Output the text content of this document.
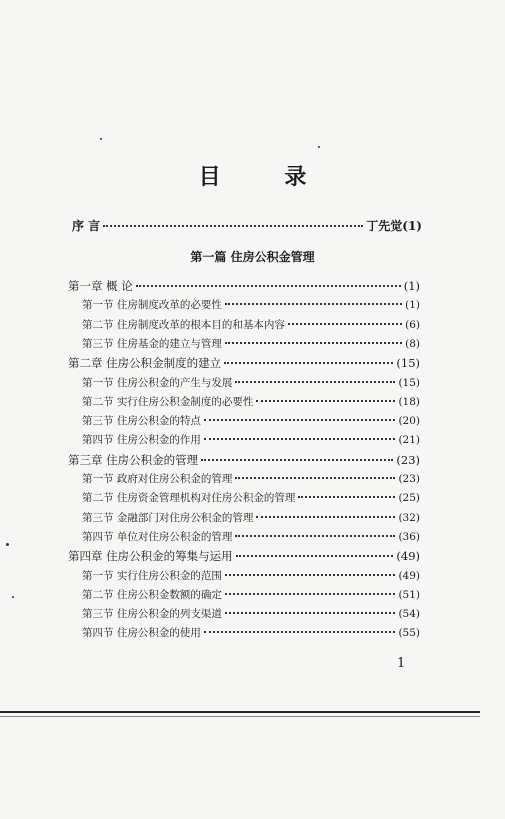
目 录
序 言	丁先觉(1)
第一篇 住房公积金管理
第一章 概 论	(1)
第一节 住房制度改革的必要性	(1)
第二节 住房制度改革的根本目的和基本内容	(6)
第三节 住房基金的建立与管理	(8)
第二章 住房公积金制度的建立	(15)
第一节 住房公积金的产生与发展	(15)
第二节 实行住房公积金制度的必要性	(18)
第三节 住房公积金的特点	(20)
第四节 住房公积金的作用	(21)
第三章 住房公积金的管理	(23)
第一节 政府对住房公积金的管理	(23)
第二节 住房资金管理机构对住房公积金的管理	(25)
第三节 金融部门对住房公积金的管理	(32)
第四节 单位对住房公积金的管理	(36)
第四章 住房公积金的筹集与运用	(49)
第一节 实行住房公积金的范围	(49)
第二节 住房公积金数额的确定	(51)
第三节 住房公积金的列支渠道	(54)
第四节 住房公积金的使用	(55)
1
